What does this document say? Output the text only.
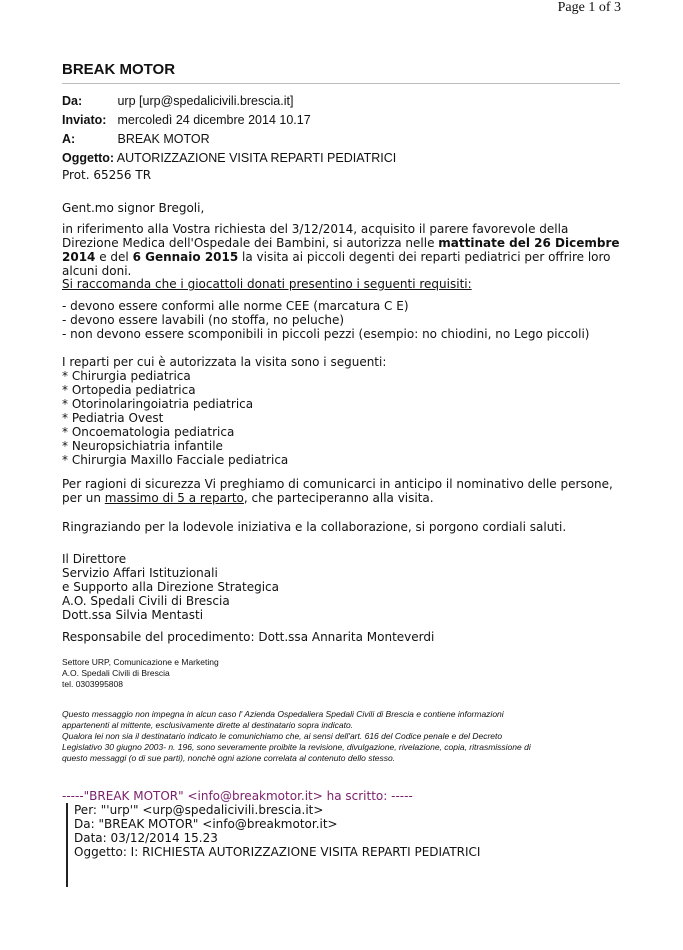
Page 1 of 3
BREAK MOTOR
Da:	urp [urp@spedalicivili.brescia.it]
Inviato: mercoledì 24 dicembre 2014 10.17
A:	BREAK MOTOR
Oggetto: AUTORIZZAZIONE VISITA REPARTI PEDIATRICI
Prot. 65256 TR
Gent.mo signor Bregoli,
in riferimento alla Vostra richiesta del 3/12/2014, acquisito il parere favorevole della Direzione Medica dell'Ospedale dei Bambini, si autorizza nelle mattinate del 26 Dicembre 2014 e del 6 Gennaio 2015 la visita ai piccoli degenti dei reparti pediatrici per offrire loro alcuni doni.
Si raccomanda che i giocattoli donati presentino i seguenti requisiti:
- devono essere conformi alle norme CEE (marcatura C E)
- devono essere lavabili (no stoffa, no peluche)
- non devono essere scomponibili in piccoli pezzi (esempio: no chiodini, no Lego piccoli)
I reparti per cui è autorizzata la visita sono i seguenti:
* Chirurgia pediatrica
* Ortopedia pediatrica
* Otorinolaringoiatria pediatrica
* Pediatria Ovest
* Oncoematologia pediatrica
* Neuropsichiatria infantile
* Chirurgia Maxillo Facciale pediatrica
Per ragioni di sicurezza Vi preghiamo di comunicarci in anticipo il nominativo delle persone, per un massimo di 5 a reparto, che parteciperanno alla visita.
Ringraziando per la lodevole iniziativa e la collaborazione, si porgono cordiali saluti.
Il Direttore
Servizio Affari Istituzionali
e Supporto alla Direzione Strategica
A.O. Spedali Civili di Brescia
Dott.ssa Silvia Mentasti
Responsabile del procedimento: Dott.ssa Annarita Monteverdi
Settore URP, Comunicazione e Marketing
A.O. Spedali Civili di Brescia
tel. 0303995808
Questo messaggio non impegna in alcun caso l' Azienda Ospedaliera Spedali Civili di Brescia e contiene informazioni
appartenenti al mittente, esclusivamente dirette al destinatario sopra indicato.
Qualora lei non sia il destinatario indicato le comunichiamo che, ai sensi dell'art. 616 del Codice penale e del Decreto
Legislativo 30 giugno 2003- n. 196, sono severamente proibite la revisione, divulgazione, rivelazione, copia, ritrasmissione di
questo messaggi (o di sue parti), nonchè ogni azione correlata al contenuto dello stesso.
-----"BREAK MOTOR" <info@breakmotor.it> ha scritto: -----
Per: "'urp'" <urp@spedalicivili.brescia.it>
Da: "BREAK MOTOR" <info@breakmotor.it>
Data: 03/12/2014 15.23
Oggetto: I: RICHIESTA AUTORIZZAZIONE VISITA REPARTI PEDIATRICI
